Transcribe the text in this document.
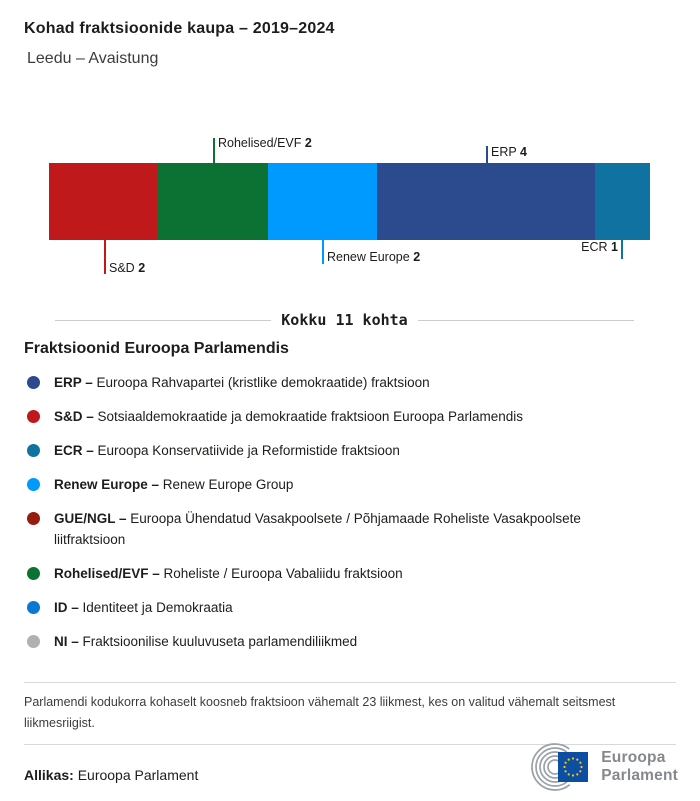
Kohad fraktsioonide kaupa – 2019–2024
Leedu – Avaistung
Rohelised/EVF 2
ERP 4
S&D 2
Renew Europe 2
ECR 1
Kokku 11 kohta
Fraktsioonid Euroopa Parlamendis
ERP – Euroopa Rahvapartei (kristlike demokraatide) fraktsioon
S&D – Sotsiaaldemokraatide ja demokraatide fraktsioon Euroopa Parlamendis
ECR – Euroopa Konservatiivide ja Reformistide fraktsioon
Renew Europe – Renew Europe Group
GUE/NGL – Euroopa Ühendatud Vasakpoolsete / Põhjamaade Roheliste Vasakpoolsete liitfraktsioon
Rohelised/EVF – Roheliste / Euroopa Vabaliidu fraktsioon
ID – Identiteet ja Demokraatia
NI – Fraktsioonilise kuuluvuseta parlamendiliikmed
Parlamendi kodukorra kohaselt koosneb fraktsioon vähemalt 23 liikmest, kes on valitud vähemalt seitsmest liikmesriigist.
Allikas: Euroopa Parlament
Euroopa
Parlament
